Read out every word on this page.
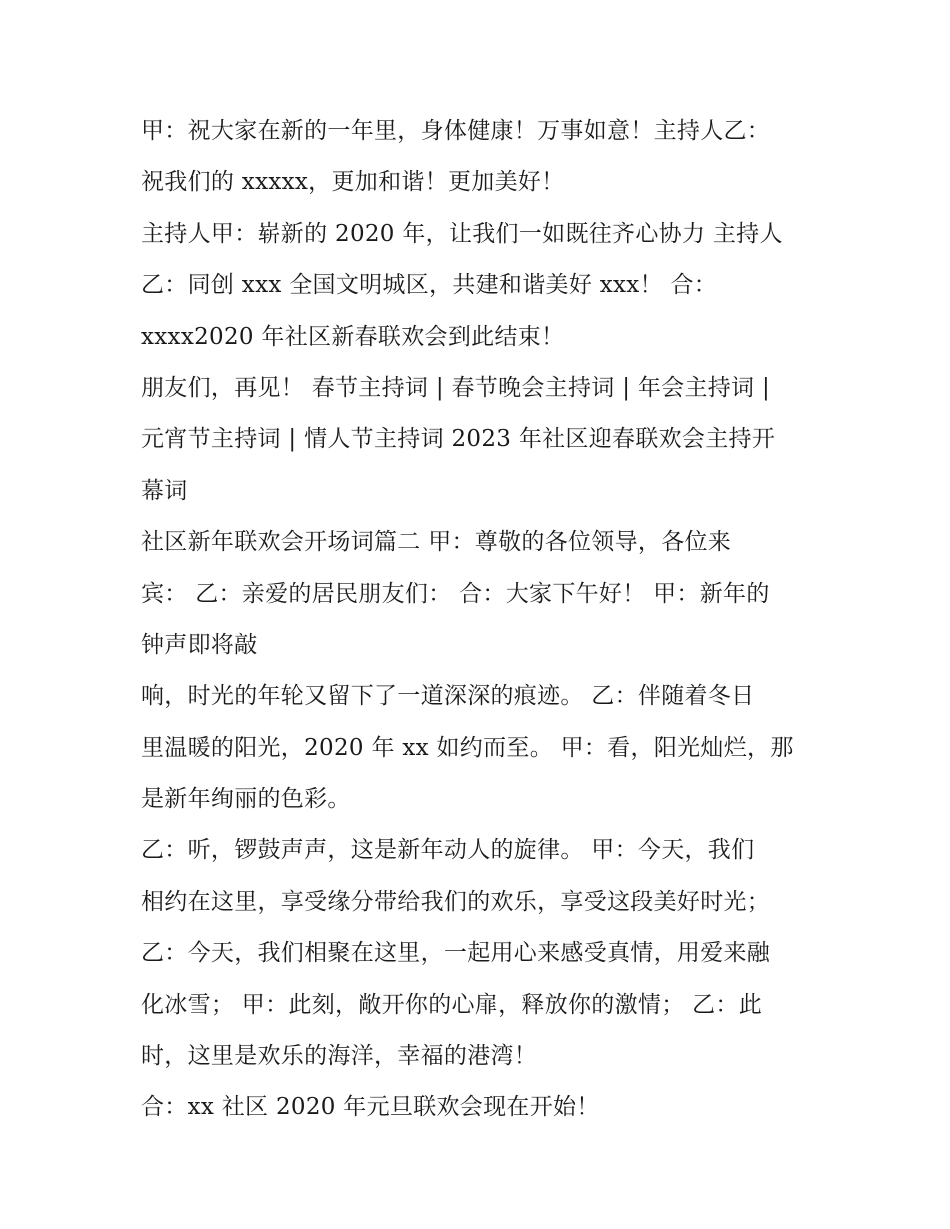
甲：祝大家在新的一年里，身体健康！万事如意！主持人乙：
祝我们的 xxxxx，更加和谐！更加美好！
主持人甲：崭新的 2020 年，让我们一如既往齐心协力 主持人
乙：同创 xxx 全国文明城区，共建和谐美好 xxx！ 合：
xxxx2020 年社区新春联欢会到此结束！
朋友们，再见！ 春节主持词 | 春节晚会主持词 | 年会主持词 |
元宵节主持词 | 情人节主持词 2023 年社区迎春联欢会主持开
幕词
社区新年联欢会开场词篇二 甲：尊敬的各位领导，各位来
宾： 乙：亲爱的居民朋友们： 合：大家下午好！ 甲：新年的
钟声即将敲
响，时光的年轮又留下了一道深深的痕迹。 乙：伴随着冬日
里温暖的阳光，2020 年 xx 如约而至。 甲：看，阳光灿烂，那
是新年绚丽的色彩。
乙：听，锣鼓声声，这是新年动人的旋律。 甲：今天，我们
相约在这里，享受缘分带给我们的欢乐，享受这段美好时光；
乙：今天，我们相聚在这里，一起用心来感受真情，用爱来融
化冰雪； 甲：此刻，敞开你的心扉，释放你的激情； 乙：此
时，这里是欢乐的海洋，幸福的港湾！
合：xx 社区 2020 年元旦联欢会现在开始！
